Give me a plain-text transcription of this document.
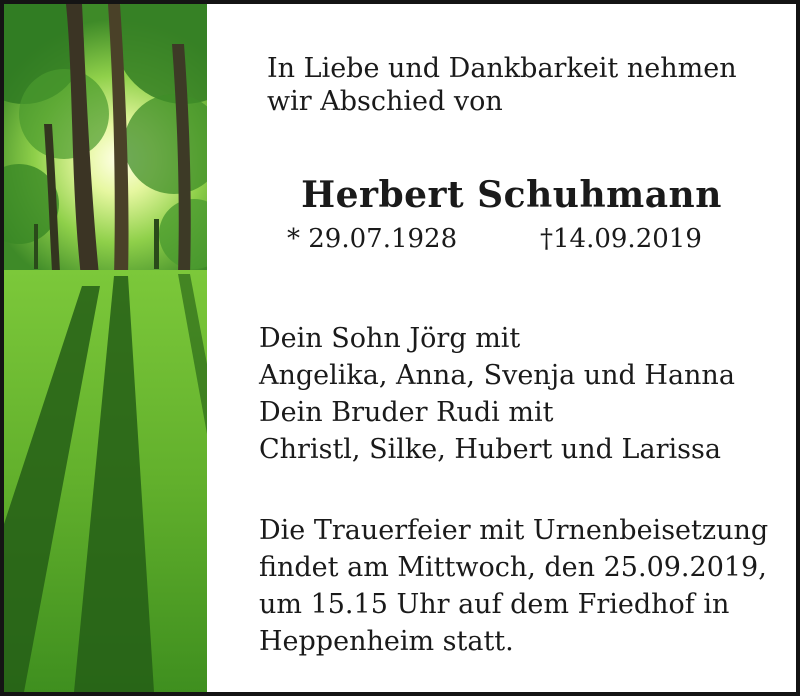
In Liebe und Dankbarkeit nehmen
wir Abschied von
Herbert Schuhmann
* 29.07.1928	†14.09.2019
Dein Sohn Jörg mit
Angelika, Anna, Svenja und Hanna
Dein Bruder Rudi mit
Christl, Silke, Hubert und Larissa
Die Trauerfeier mit Urnenbeisetzung
findet am Mittwoch, den 25.09.2019,
um 15.15 Uhr auf dem Friedhof in
Heppenheim statt.
